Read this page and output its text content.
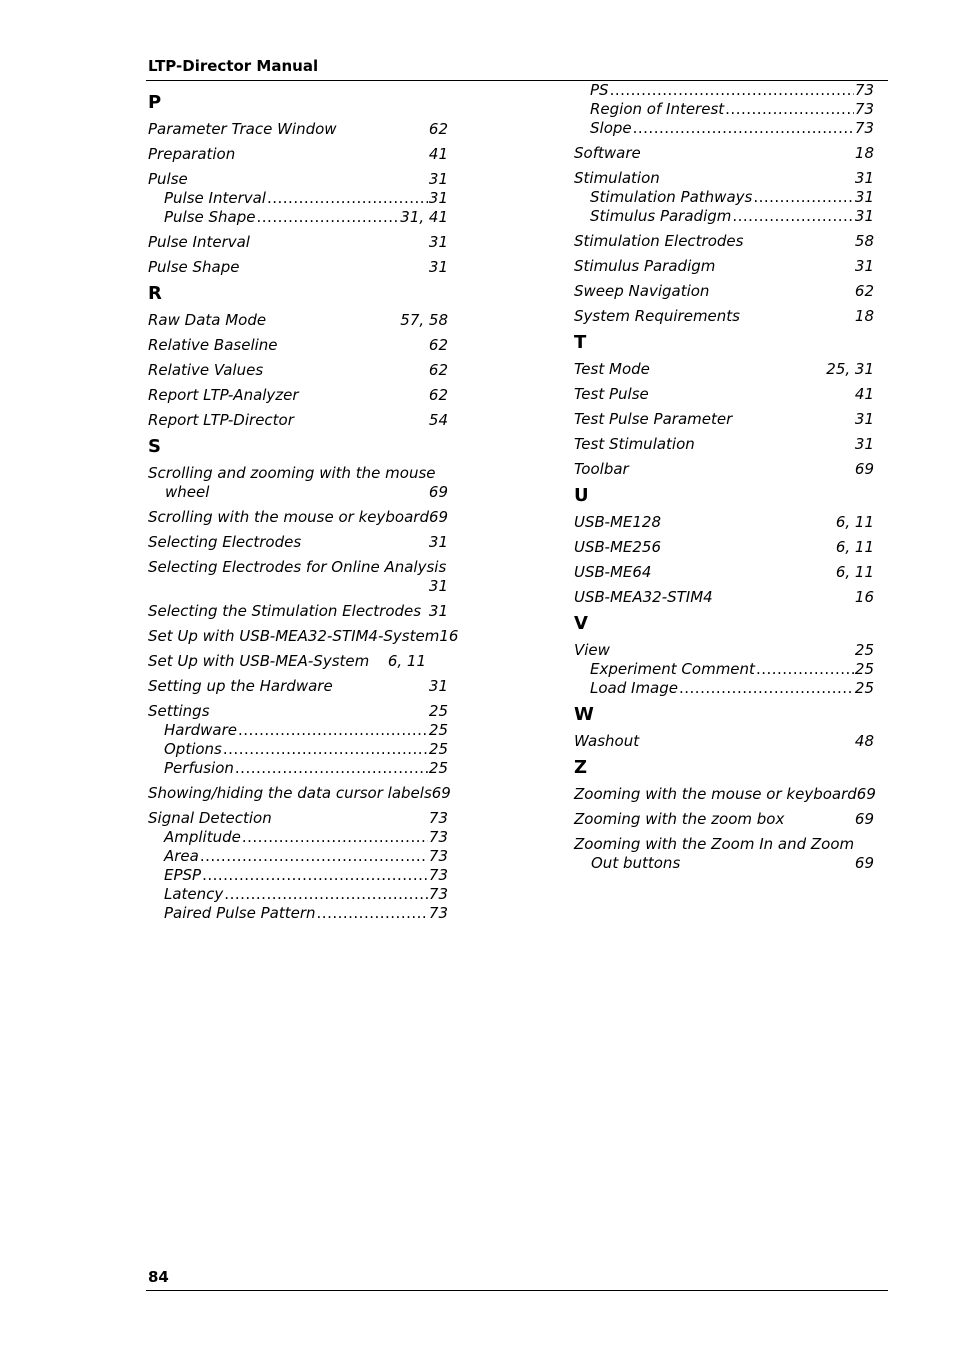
LTP-Director Manual
P
Parameter Trace Window	62
Preparation	41
Pulse	31
Pulse Interval .....	31
Pulse Shape .....	31, 41
Pulse Interval	31
Pulse Shape	31
R
Raw Data Mode	57, 58
Relative Baseline	62
Relative Values	62
Report LTP-Analyzer	62
Report LTP-Director	54
S
Scrolling and zooming with the mouse
wheel	69
Scrolling with the mouse or keyboard 69
Selecting Electrodes	31
Selecting Electrodes for Online Analysis
31
Selecting the Stimulation Electrodes 31
Set Up with USB-MEA32-STIM4-System 16
Set Up with USB-MEA-System 6, 11
Setting up the Hardware	31
Settings	25
Hardware .....	25
Options .....	25
Perfusion .....	25
Showing/hiding the data cursor labels 69
Signal Detection	73
Amplitude .....	73
Area .....	73
EPSP .....	73
Latency .....	73
Paired Pulse Pattern .....	73
PS .....	73
Region of Interest .....	73
Slope .....	73
Software	18
Stimulation	31
Stimulation Pathways .....	31
Stimulus Paradigm .....	31
Stimulation Electrodes	58
Stimulus Paradigm	31
Sweep Navigation	62
System Requirements	18
T
Test Mode	25, 31
Test Pulse	41
Test Pulse Parameter	31
Test Stimulation	31
Toolbar	69
U
USB-ME128	6, 11
USB-ME256	6, 11
USB-ME64	6, 11
USB-MEA32-STIM4	16
V
View	25
Experiment Comment .....	25
Load Image .....	25
W
Washout	48
Z
Zooming with the mouse or keyboard 69
Zooming with the zoom box	69
Zooming with the Zoom In and Zoom
Out buttons	69
84
